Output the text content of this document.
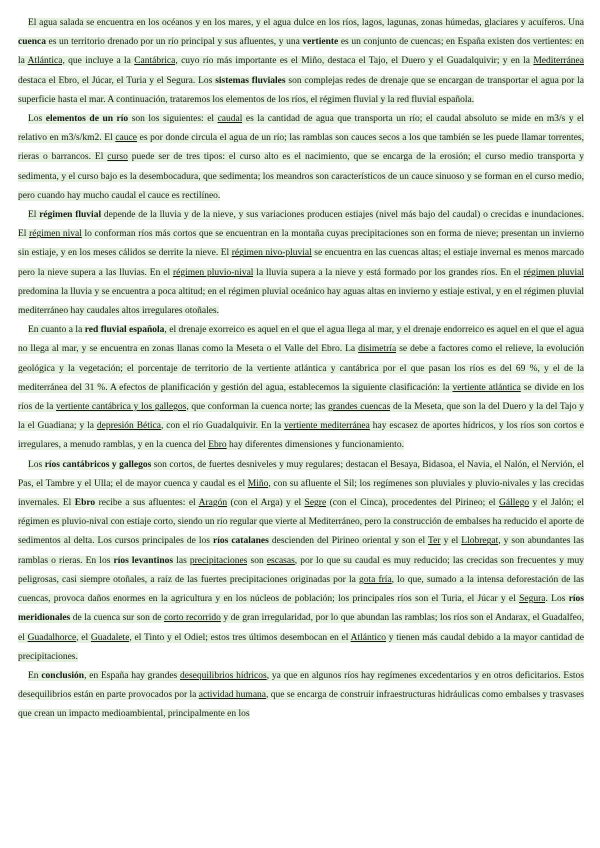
El agua salada se encuentra en los océanos y en los mares, y el agua dulce en los ríos, lagos, lagunas, zonas húmedas, glaciares y acuíferos. Una cuenca es un territorio drenado por un río principal y sus afluentes, y una vertiente es un conjunto de cuencas; en España existen dos vertientes: en la Atlántica, que incluye a la Cantábrica, cuyo río más importante es el Miño, destaca el Tajo, el Duero y el Guadalquivir; y en la Mediterránea destaca el Ebro, el Júcar, el Turia y el Segura. Los sistemas fluviales son complejas redes de drenaje que se encargan de transportar el agua por la superficie hasta el mar. A continuación, trataremos los elementos de los ríos, el régimen fluvial y la red fluvial española.

Los elementos de un río son los siguientes: el caudal es la cantidad de agua que transporta un río; el caudal absoluto se mide en m3/s y el relativo en m3/s/km2. El cauce es por donde circula el agua de un río; las ramblas son cauces secos a los que también se les puede llamar torrentes, rieras o barrancos. El curso puede ser de tres tipos: el curso alto es el nacimiento, que se encarga de la erosión; el curso medio transporta y sedimenta, y el curso bajo es la desembocadura, que sedimenta; los meandros son característicos de un cauce sinuoso y se forman en el curso medio, pero cuando hay mucho caudal el cauce es rectilíneo.

El régimen fluvial depende de la lluvia y de la nieve, y sus variaciones producen estiajes (nivel más bajo del caudal) o crecidas e inundaciones. El régimen nival lo conforman ríos más cortos que se encuentran en la montaña cuyas precipitaciones son en forma de nieve; presentan un invierno sin estiaje, y en los meses cálidos se derrite la nieve. El régimen nivo-pluvial se encuentra en las cuencas altas; el estiaje invernal es menos marcado pero la nieve supera a las lluvias. En el régimen pluvio-nival la lluvia supera a la nieve y está formado por los grandes ríos. En el régimen pluvial predomina la lluvia y se encuentra a poca altitud; en el régimen pluvial oceánico hay aguas altas en invierno y estiaje estival, y en el régimen pluvial mediterráneo hay caudales altos irregulares otoñales.

En cuanto a la red fluvial española, el drenaje exorreico es aquel en el que el agua llega al mar, y el drenaje endorreico es aquel en el que el agua no llega al mar, y se encuentra en zonas llanas como la Meseta o el Valle del Ebro. La disimetría se debe a factores como el relieve, la evolución geológica y la vegetación; el porcentaje de territorio de la vertiente atlántica y cantábrica por el que pasan los ríos es del 69 %, y el de la mediterránea del 31 %. A efectos de planificación y gestión del agua, establecemos la siguiente clasificación: la vertiente atlántica se divide en los ríos de la vertiente cantábrica y los gallegos, que conforman la cuenca norte; las grandes cuencas de la Meseta, que son la del Duero y la del Tajo y la el Guadiana; y la depresión Bética, con el río Guadalquivir. En la vertiente mediterránea hay escasez de aportes hídricos, y los ríos son cortos e irregulares, a menudo ramblas, y en la cuenca del Ebro hay diferentes dimensiones y funcionamiento.

Los ríos cantábricos y gallegos son cortos, de fuertes desniveles y muy regulares; destacan el Besaya, Bidasoa, el Navia, el Nalón, el Nervión, el Pas, el Tambre y el Ulla; el de mayor cuenca y caudal es el Miño, con su afluente el Sil; los regímenes son pluviales y pluvio-nivales y las crecidas invernales. El Ebro recibe a sus afluentes: el Aragón (con el Arga) y el Segre (con el Cinca), procedentes del Pirineo; el Gállego y el Jalón; el régimen es pluvio-nival con estiaje corto, siendo un río regular que vierte al Mediterráneo, pero la construcción de embalses ha reducido el aporte de sedimentos al delta. Los cursos principales de los ríos catalanes descienden del Pirineo oriental y son el Ter y el Llobregat, y son abundantes las ramblas o rieras. En los ríos levantinos las precipitaciones son escasas, por lo que su caudal es muy reducido; las crecidas son frecuentes y muy peligrosas, casi siempre otoñales, a raíz de las fuertes precipitaciones originadas por la gota fría, lo que, sumado a la intensa deforestación de las cuencas, provoca daños enormes en la agricultura y en los núcleos de población; los principales ríos son el Turia, el Júcar y el Segura. Los ríos meridionales de la cuenca sur son de corto recorrido y de gran irregularidad, por lo que abundan las ramblas; los ríos son el Andarax, el Guadalfeo, el Guadalhorce, el Guadalete, el Tinto y el Odiel; estos tres últimos desembocan en el Atlántico y tienen más caudal debido a la mayor cantidad de precipitaciones.

En conclusión, en España hay grandes desequilibrios hídricos, ya que en algunos ríos hay regímenes excedentarios y en otros deficitarios. Estos desequilibrios están en parte provocados por la actividad humana, que se encarga de construir infraestructuras hidráulicas como embalses y trasvases que crean un impacto medioambiental, principalmente en los
